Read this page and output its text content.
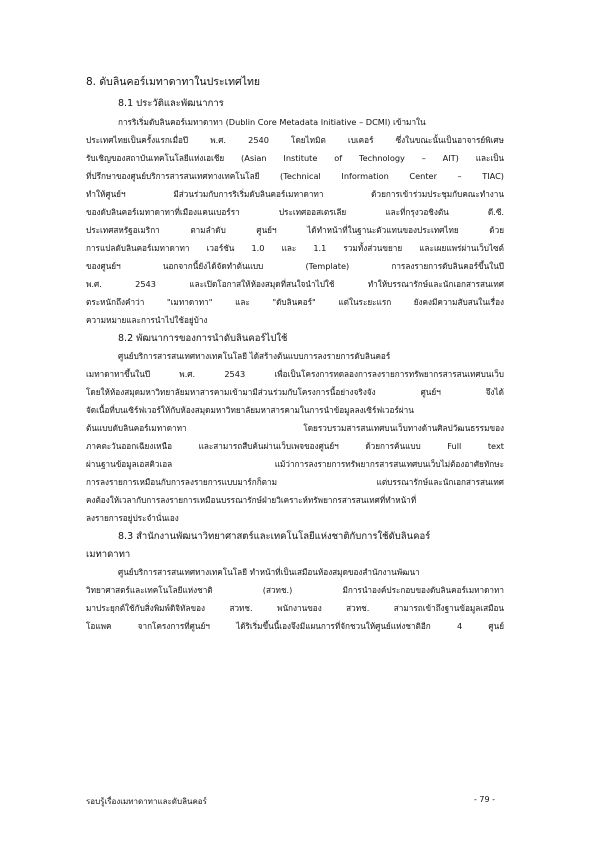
8. ดับลินคอร์เมทาดาทาในประเทศไทย
8.1 ประวัติและพัฒนาการ
การริเริ่มดับลินคอร์เมทาดาทา (Dublin Core Metadata Initiative – DCMI) เข้ามาใน
ประเทศไทยเป็นครั้งแรกเมื่อปี พ.ศ. 2540 โดยไทมิต เบเคอร์ ซึ่งในขณะนั้นเป็นอาจารย์พิเศษ
รับเชิญของสถาบันเทคโนโลยีแห่งเอเชีย (Asian Institute of Technology – AIT) และเป็น
ที่ปรึกษาของศูนย์บริการสารสนเทศทางเทคโนโลยี (Technical Information Center – TIAC)
ทำให้ศูนย์ฯ มีส่วนร่วมกับการริเริ่มดับลินคอร์เมทาดาทา ด้วยการเข้าร่วมประชุมกับคณะทำงาน
ของดับลินคอร์เมทาดาทาที่เมืองแคนเบอร์รา ประเทศออสเตรเลีย และที่กรุงวอชิงตัน ดี.ซี.
ประเทศสหรัฐอเมริกา ตามลำดับ ศูนย์ฯ ได้ทำหน้าที่ในฐานะตัวแทนของประเทศไทย ด้วย
การแปลดับลินคอร์เมทาดาทา เวอร์ชัน 1.0 และ 1.1 รวมทั้งส่วนขยาย และเผยแพร่ผ่านเว็บไซต์
ของศูนย์ฯ นอกจากนี้ยังได้จัดทำต้นแบบ (Template) การลงรายการดับลินคอร์ขึ้นในปี
พ.ศ. 2543 และเปิดโอกาสให้ห้องสมุดที่สนใจนำไปใช้ ทำให้บรรณารักษ์และนักเอกสารสนเทศ
ตระหนักถึงคำว่า "เมทาดาทา" และ "ดับลินคอร์" แต่ในระยะแรก ยังคงมีความสับสนในเรื่อง
ความหมายและการนำไปใช้อยู่บ้าง
8.2 พัฒนาการของการนำดับลินคอร์ไปใช้
ศูนย์บริการสารสนเทศทางเทคโนโลยี ได้สร้างต้นแบบการลงรายการดับลินคอร์
เมทาดาทาขึ้นในปี พ.ศ. 2543 เพื่อเป็นโครงการทดลองการลงรายการทรัพยากรสารสนเทศบนเว็บ
โดยให้ห้องสมุดมหาวิทยาลัยมหาสารคามเข้ามามีส่วนร่วมกับโครงการนี้อย่างจริงจัง ศูนย์ฯ จึงได้
จัดเนื้อที่บนเซิร์ฟเวอร์ให้กับห้องสมุดมหาวิทยาลัยมหาสารคามในการนำข้อมูลลงเซิร์ฟเวอร์ผ่าน
ต้นแบบดับลินคอร์เมทาดาทา โดยรวบรวมสารสนเทศบนเว็บทางด้านศิลปวัฒนธรรมของ
ภาคตะวันออกเฉียงเหนือ และสามารถสืบค้นผ่านเว็บเพจของศูนย์ฯ ด้วยการค้นแบบ Full text
ผ่านฐานข้อมูลเอสคิวเอล แม้ว่าการลงรายการทรัพยากรสารสนเทศบนเว็บไม่ต้องอาศัยทักษะ
การลงรายการเหมือนกับการลงรายการแบบมาร์กก็ตาม แต่บรรณารักษ์และนักเอกสารสนเทศ
คงต้องให้เวลากับการลงรายการเหมือนบรรณารักษ์ฝ่ายวิเคราะห์ทรัพยากรสารสนเทศที่ทำหน้าที่
ลงรายการอยู่ประจำนั่นเอง
8.3 สำนักงานพัฒนาวิทยาศาสตร์และเทคโนโลยีแห่งชาติกับการใช้ดับลินคอร์
เมทาดาทา
ศูนย์บริการสารสนเทศทางเทคโนโลยี ทำหน้าที่เป็นเสมือนห้องสมุดของสำนักงานพัฒนา
วิทยาศาสตร์และเทคโนโลยีแห่งชาติ (สวทช.) มีการนำองค์ประกอบของดับลินคอร์เมทาดาทา
มาประยุกต์ใช้กับสิ่งพิมพ์ดิจิทัลของ สวทช. พนักงานของ สวทช. สามารถเข้าถึงฐานข้อมูลเสมือน
โอแพค จากโครงการที่ศูนย์ฯ ได้ริเริ่มขึ้นนี้เองจึงมีแผนการที่จักชวนให้ศูนย์แห่งชาติอีก 4 ศูนย์
รอบรู้เรื่องเมทาดาทาและดับลินคอร์	- 79 -
